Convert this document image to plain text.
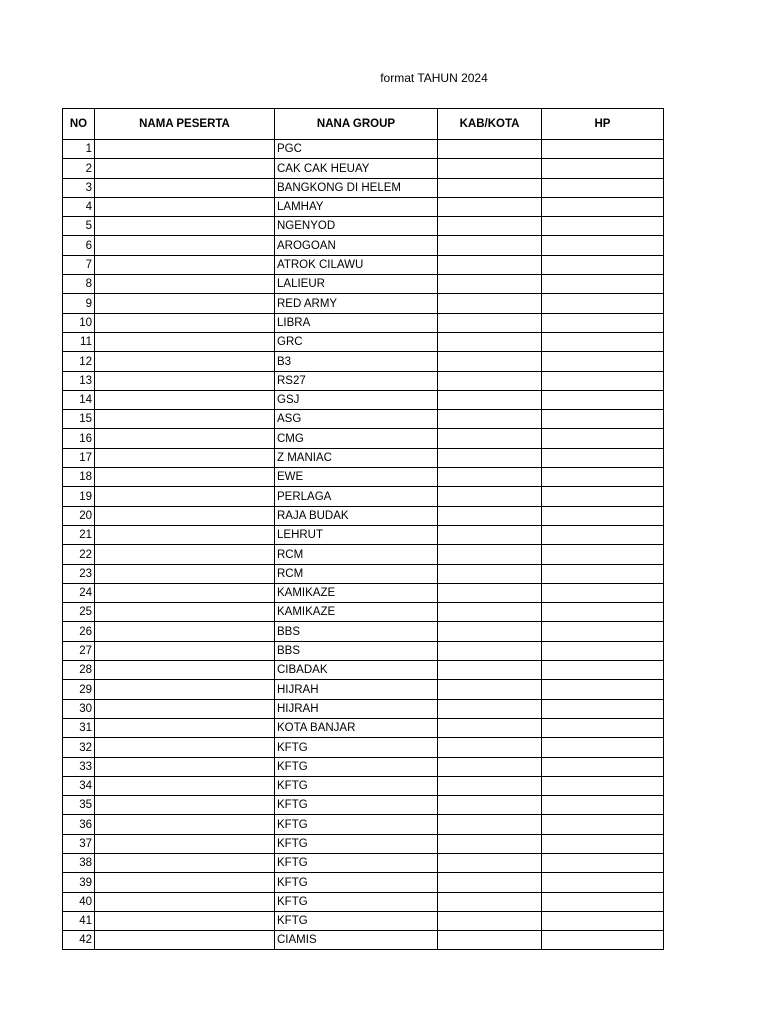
format TAHUN 2024
NO	NAMA PESERTA	NANA GROUP	KAB/KOTA	HP
1		PGC		
2		CAK CAK HEUAY		
3		BANGKONG DI HELEM		
4		LAMHAY		
5		NGENYOD		
6		AROGOAN		
7		ATROK CILAWU		
8		LALIEUR		
9		RED ARMY		
10		LIBRA		
11		GRC		
12		B3		
13		RS27		
14		GSJ		
15		ASG		
16		CMG		
17		Z MANIAC		
18		EWE		
19		PERLAGA		
20		RAJA BUDAK		
21		LEHRUT		
22		RCM		
23		RCM		
24		KAMIKAZE		
25		KAMIKAZE		
26		BBS		
27		BBS		
28		CIBADAK		
29		HIJRAH		
30		HIJRAH		
31		KOTA BANJAR		
32		KFTG		
33		KFTG		
34		KFTG		
35		KFTG		
36		KFTG		
37		KFTG		
38		KFTG		
39		KFTG		
40		KFTG		
41		KFTG		
42		CIAMIS		
